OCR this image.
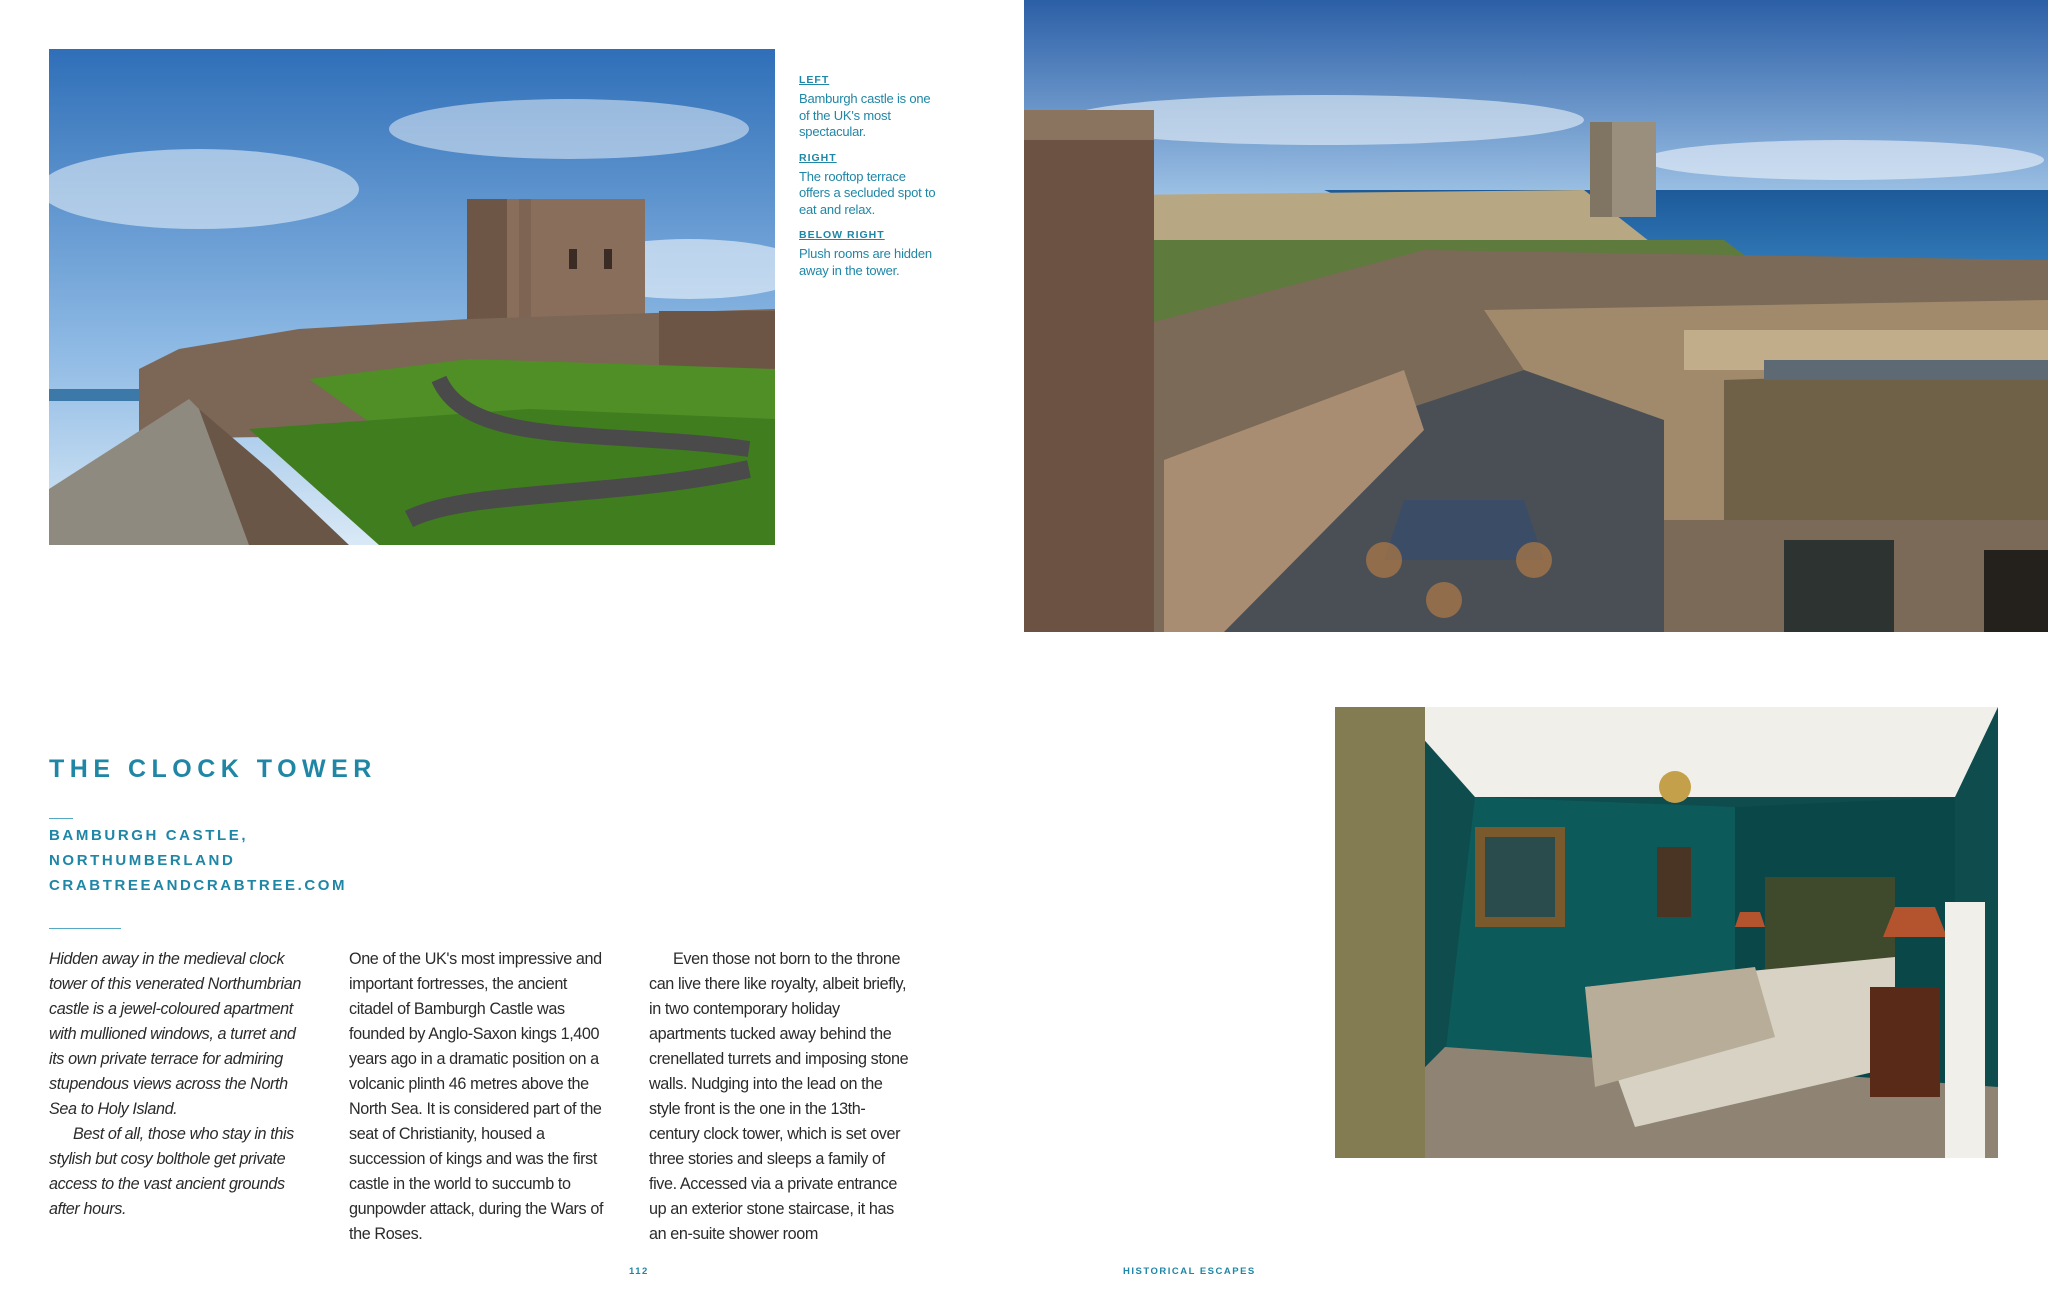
LEFT
Bamburgh castle is one of the UK's most spectacular.
RIGHT
The rooftop terrace offers a secluded spot to eat and relax.
BELOW RIGHT
Plush rooms are hidden away in the tower.
THE CLOCK TOWER
BAMBURGH CASTLE,
NORTHUMBERLAND
CRABTREEANDCRABTREE.COM

Hidden away in the medieval clock tower of this venerated Northumbrian castle is a jewel-coloured apartment with mullioned windows, a turret and its own private terrace for admiring stupendous views across the North Sea to Holy Island.

Best of all, those who stay in this stylish but cosy bolthole get private access to the vast ancient grounds after hours.

One of the UK's most impressive and important fortresses, the ancient citadel of Bamburgh Castle was founded by Anglo-Saxon kings 1,400 years ago in a dramatic position on a volcanic plinth 46 metres above the North Sea. It is considered part of the seat of Christianity, housed a succession of kings and was the first castle in the world to succumb to gunpowder attack, during the Wars of the Roses.

Even those not born to the throne can live there like royalty, albeit briefly, in two contemporary holiday apartments tucked away behind the crenellated turrets and imposing stone walls. Nudging into the lead on the style front is the one in the 13th-century clock tower, which is set over three stories and sleeps a family of five. Accessed via a private entrance up an exterior stone staircase, it has an en-suite shower room

112	HISTORICAL ESCAPES
